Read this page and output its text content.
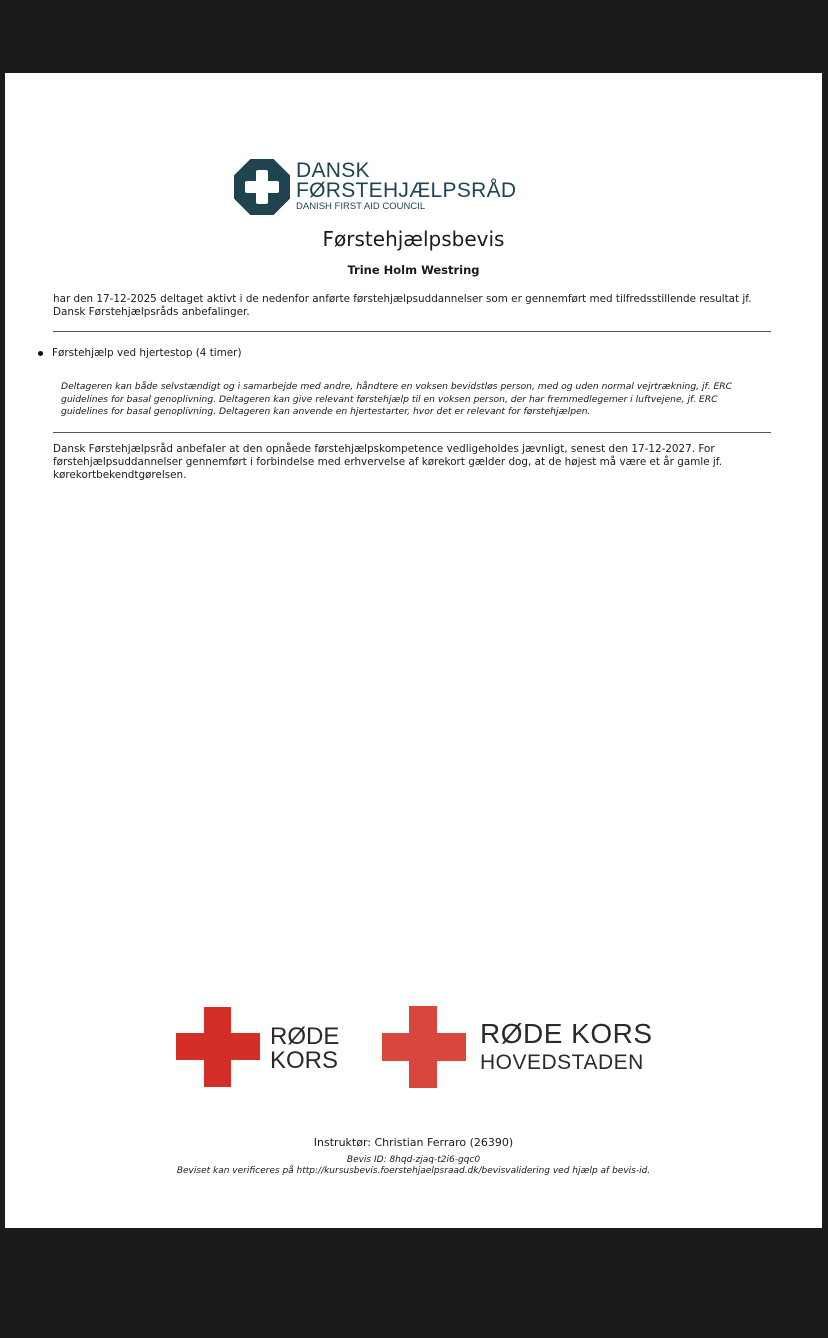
DANSK
FØRSTEHJÆLPSRÅD
DANISH FIRST AID COUNCIL
Førstehjælpsbevis
Trine Holm Westring

har den 17-12-2025 deltaget aktivt i de nedenfor anførte førstehjælpsuddannelser som er gennemført med tilfredsstillende resultat jf. Dansk Førstehjælpsråds anbefalinger.

Førstehjælp ved hjertestop (4 timer)

Deltageren kan både selvstændigt og i samarbejde med andre, håndtere en voksen bevidstløs person, med og uden normal vejrtrækning, jf. ERC guidelines for basal genoplivning. Deltageren kan give relevant førstehjælp til en voksen person, der har fremmedlegemer i luftvejene, jf. ERC guidelines for basal genoplivning. Deltageren kan anvende en hjertestarter, hvor det er relevant for førstehjælpen.

Dansk Førstehjælpsråd anbefaler at den opnåede førstehjælpskompetence vedligeholdes jævnligt, senest den 17-12-2027. For førstehjælpsuddannelser gennemført i forbindelse med erhvervelse af kørekort gælder dog, at de højest må være et år gamle jf. kørekortbekendtgørelsen.

RØDE
KORS
RØDE KORS
HOVEDSTADEN
Instruktør: Christian Ferraro (26390)
Bevis ID: 8hqd-zjaq-t2i6-gqc0
Beviset kan verificeres på http://kursusbevis.foerstehjaelpsraad.dk/bevisvalidering ved hjælp af bevis-id.
